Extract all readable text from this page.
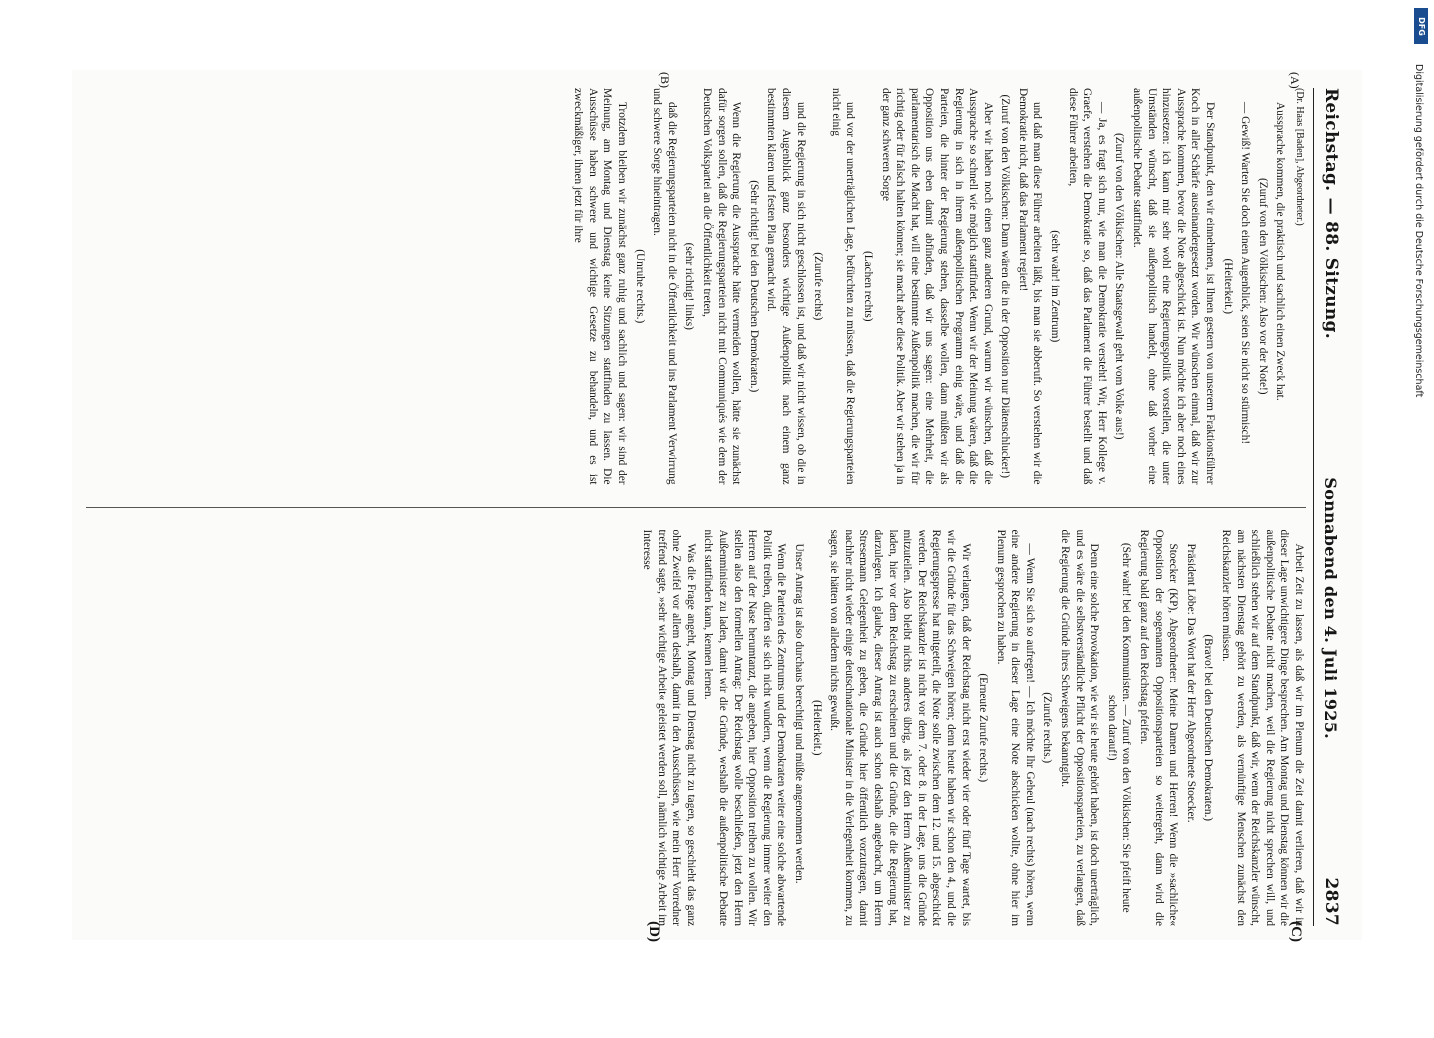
Reichstag. — 88. Sitzung.
Sonnabend den 4. Juli 1925.
2837

(Dr. Haas [Baden], Abgeordneter.)

Aussprache kommen, die praktisch und sachlich einen Zweck hat.

(Zuruf von den Völkischen: Also vor der Note!)

— Gewiß! Warten Sie doch einen Augenblick, seien Sie nicht so stürmisch!

(Heiterkeit.)

Der Standpunkt, den wir einnehmen, ist Ihnen gestern von unserem Fraktionsführer Koch in aller Schärfe auseinandergesetzt worden. Wir wünschen einmal, daß wir zur Aussprache kommen, bevor die Note abgeschickt ist. Nun möchte ich aber noch eines hinzusetzen: ich kann mir sehr wohl eine Regierungspolitik vorstellen, die unter Umständen wünscht, daß sie außenpolitisch handelt, ohne daß vorher eine außenpolitische Debatte stattfindet.

(Zuruf von den Völkischen: Alle Staatsgewalt geht vom Volke aus!)

— Ja, es fragt sich nur, wie man die Demokratie versteht! Wir, Herr Kollege v. Graefe, verstehen die Demokratie so, daß das Parlament die Führer bestellt und daß diese Führer arbeiten,

(sehr wahr! im Zentrum)

und daß man diese Führer arbeiten läßt, bis man sie abberuft. So verstehen wir die Demokratie nicht, daß das Parlament regiert!

(Zuruf von den Völkischen: Dann wären die in der Opposition nur Diätenschlucker!)

Aber wir haben noch einen ganz anderen Grund, warum wir wünschen, daß die Aussprache so schnell wie möglich stattfindet. Wenn wir der Meinung wären, daß die Regierung in sich in ihrem außenpolitischen Programm einig wäre, und daß die Parteien, die hinter der Regierung stehen, dasselbe wollen, dann müßten wir als Opposition uns eben damit abfinden, daß wir uns sagen: eine Mehrheit, die parlamentarisch die Macht hat, will eine bestimmte Außenpolitik machen, die wir für richtig oder für falsch halten können; sie macht aber diese Politik. Aber wir stehen ja in der ganz schweren Sorge

(Lachen rechts)

und vor der unerträglichen Lage, befürchten zu müssen, daß die Regierungsparteien nicht einig

(Zurufe rechts)

und die Regierung in sich nicht geschlossen ist, und daß wir nicht wissen, ob die in diesem Augenblick ganz besonders wichtige Außenpolitik nach einem ganz bestimmten klaren und festen Plan gemacht wird.

(Sehr richtig! bei den Deutschen Demokraten.)

Wenn die Regierung die Aussprache hätte vermeiden wollen, hätte sie zunächst dafür sorgen sollen, daß die Regierungsparteien nicht mit Communiqués wie dem der Deutschen Volkspartei an die Öffentlichkeit treten,

(sehr richtig! links)

daß die Regierungsparteien nicht in die Öffentlichkeit und ins Parlament Verwirrung und schwere Sorge hineintragen.

(Unruhe rechts.)

Trotzdem bleiben wir zunächst ganz ruhig und sachlich und sagen: wir sind der Meinung, am Montag und Dienstag keine Sitzungen stattfinden zu lassen. Die Ausschüsse haben schwere und wichtige Gesetze zu behandeln, und es ist zweckmäßiger, ihnen jetzt für ihre

Arbeit Zeit zu lassen, als daß wir im Plenum die Zeit damit verlieren, daß wir in dieser Lage unwichtigere Dinge besprechen. Am Montag und Dienstag können wir die außenpolitische Debatte nicht machen, weil die Regierung nicht sprechen will, und schließlich stehen wir auf dem Standpunkt, daß wir, wenn der Reichskanzler wünscht, am nächsten Dienstag gehört zu werden, als vernünftige Menschen zunächst den Reichskanzler hören müssen.

(Bravo! bei den Deutschen Demokraten.)

Präsident Löbe: Das Wort hat der Herr Abgeordnete Stoecker.

Stoecker (KP), Abgeordneter: Meine Damen und Herren! Wenn die »sachliche« Opposition der sogenannten Oppositionsparteien so weitergeht, dann wird die Regierung bald ganz auf den Reichstag pfeifen.

(Sehr wahr! bei den Kommunisten. — Zuruf von den Völkischen: Sie pfeift heute schon darauf!)

Denn eine solche Provokation, wie wir sie heute gehört haben, ist doch unerträglich, und es wäre die selbstverständliche Pflicht der Oppositionsparteien, zu verlangen, daß die Regierung die Gründe ihres Schweigens bekanntgibt.

(Zurufe rechts.)

— Wenn Sie sich so aufregen! — Ich möchte Ihr Geheul (nach rechts) hören, wenn eine andere Regierung in dieser Lage eine Note abschicken wollte, ohne hier im Plenum gesprochen zu haben.

(Erneute Zurufe rechts.)

Wir verlangen, daß der Reichstag nicht erst wieder vier oder fünf Tage wartet, bis wir die Gründe für das Schweigen hören; denn heute haben wir schon den 4., und die Regierungspresse hat mitgeteilt, die Note solle zwischen dem 12. und 15. abgeschickt werden. Der Reichskanzler ist nicht vor dem 7. oder 8. in der Lage, uns die Gründe mitzuteilen. Also bleibt nichts anderes übrig, als jetzt den Herrn Außenminister zu laden, hier vor dem Reichstag zu erscheinen und die Gründe, die die Regierung hat, darzulegen. Ich glaube, dieser Antrag ist auch schon deshalb angebracht, um Herrn Stresemann Gelegenheit zu geben, die Gründe hier öffentlich vorzutragen, damit nachher nicht wieder einige deutschnationale Minister in die Verlegenheit kommen, zu sagen, sie hätten von alledem nichts gewußt.

(Heiterkeit.)

Unser Antrag ist also durchaus berechtigt und müßte angenommen werden.

Wenn die Parteien des Zentrums und der Demokraten weiter eine solche abwartende Politik treiben, dürfen sie sich nicht wundern, wenn die Regierung immer weiter den Herren auf der Nase herumtanzt, die angeben, hier Opposition treiben zu wollen. Wir stellen also den formellen Antrag: Der Reichstag wolle beschließen, jetzt den Herrn Außenminister zu laden, damit wir die Gründe, weshalb die außenpolitische Debatte nicht stattfinden kann, kennen lernen.

Was die Frage angeht, Montag und Dienstag nicht zu tagen, so geschieht das ganz ohne Zweifel vor allem deshalb, damit in den Ausschüssen, wie mein Herr Vorredner treffend sagte, »sehr wichtige Arbeit« geleistet werden soll, nämlich wichtige Arbeit im Interesse

(A)
(B)
(C)
(D)
DFG
Digitalisierung gefördert durch die Deutsche Forschungsgemeinschaft
